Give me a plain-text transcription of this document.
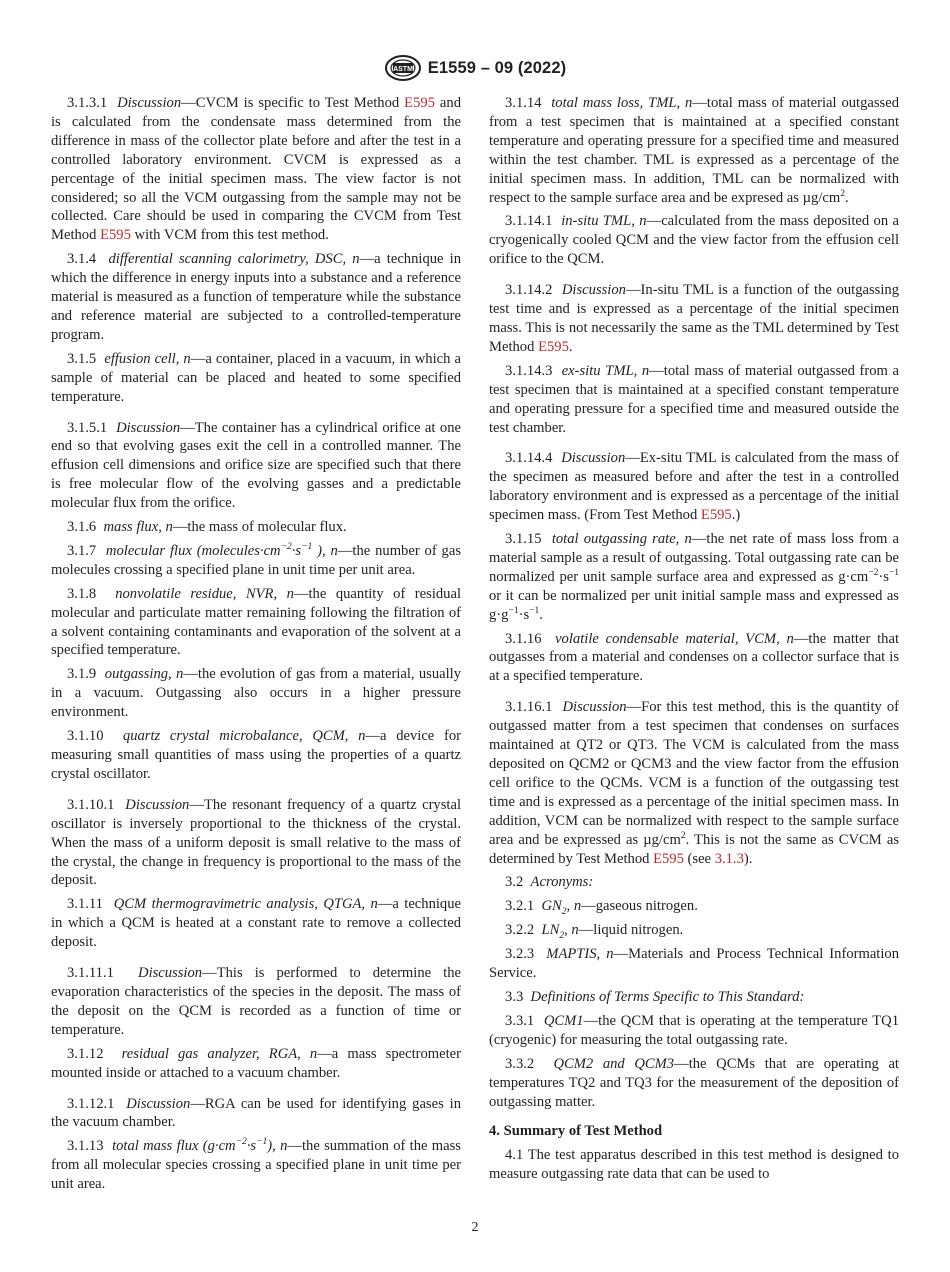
ASTM E1559 – 09 (2022)

3.1.3.1 Discussion—CVCM is specific to Test Method E595 and is calculated from the condensate mass determined from the difference in mass of the collector plate before and after the test in a controlled laboratory environment. CVCM is expressed as a percentage of the initial specimen mass. The view factor is not considered; so all the VCM outgassing from the sample may not be collected. Care should be used in comparing the CVCM from Test Method E595 with VCM from this test method.

3.1.4 differential scanning calorimetry, DSC, n—a technique in which the difference in energy inputs into a substance and a reference material is measured as a function of temperature while the substance and reference material are subjected to a controlled-temperature program.

3.1.5 effusion cell, n—a container, placed in a vacuum, in which a sample of material can be placed and heated to some specified temperature.

3.1.5.1 Discussion—The container has a cylindrical orifice at one end so that evolving gases exit the cell in a controlled manner. The effusion cell dimensions and orifice size are specified such that there is free molecular flow of the evolving gasses and a predictable molecular flux from the orifice.

3.1.6 mass flux, n—the mass of molecular flux.

3.1.7 molecular flux ($molecules\cdot cm^{-2}\cdot s^{-1}$ ), n—the number of gas molecules crossing a specified plane in unit time per unit area.

3.1.8 nonvolatile residue, NVR, n—the quantity of residual molecular and particulate matter remaining following the filtration of a solvent containing contaminants and evaporation of the solvent at a specified temperature.

3.1.9 outgassing, n—the evolution of gas from a material, usually in a vacuum. Outgassing also occurs in a higher pressure environment.

3.1.10 quartz crystal microbalance, QCM, n—a device for measuring small quantities of mass using the properties of a quartz crystal oscillator.

3.1.10.1 Discussion—The resonant frequency of a quartz crystal oscillator is inversely proportional to the thickness of the crystal. When the mass of a uniform deposit is small relative to the mass of the crystal, the change in frequency is proportional to the mass of the deposit.

3.1.11 QCM thermogravimetric analysis, QTGA, n—a technique in which a QCM is heated at a constant rate to remove a collected deposit.

3.1.11.1 Discussion—This is performed to determine the evaporation characteristics of the species in the deposit. The mass of the deposit on the QCM is recorded as a function of time or temperature.

3.1.12 residual gas analyzer, RGA, n—a mass spectrometer mounted inside or attached to a vacuum chamber.

3.1.12.1 Discussion—RGA can be used for identifying gases in the vacuum chamber.

3.1.13 total mass flux $(g\cdot cm^{-2}\cdot s^{-1})$, n—the summation of the mass from all molecular species crossing a specified plane in unit time per unit area.

3.1.14 total mass loss, TML, n—total mass of material outgassed from a test specimen that is maintained at a specified constant temperature and operating pressure for a specified time and measured within the test chamber. TML is expressed as a percentage of the initial specimen mass. In addition, TML can be normalized with respect to the sample surface area and be expresed as $\mu g/cm^2$.

3.1.14.1 in-situ TML, n—calculated from the mass deposited on a cryogenically cooled QCM and the view factor from the effusion cell orifice to the QCM.

3.1.14.2 Discussion—In-situ TML is a function of the outgassing test time and is expressed as a percentage of the initial specimen mass. This is not necessarily the same as the TML determined by Test Method E595.

3.1.14.3 ex-situ TML, n—total mass of material outgassed from a test specimen that is maintained at a specified constant temperature and operating pressure for a specified time and measured outside the test chamber.

3.1.14.4 Discussion—Ex-situ TML is calculated from the mass of the specimen as measured before and after the test in a controlled laboratory environment and is expressed as a percentage of the initial specimen mass. (From Test Method E595.)

3.1.15 total outgassing rate, n—the net rate of mass loss from a material sample as a result of outgassing. Total outgassing rate can be normalized per unit sample surface area and expressed as $g\cdot cm^{-2}\cdot s^{-1}$ or it can be normalized per unit initial sample mass and expressed as $g\cdot g^{-1}\cdot s^{-1}$.

3.1.16 volatile condensable material, VCM, n—the matter that outgasses from a material and condenses on a collector surface that is at a specified temperature.

3.1.16.1 Discussion—For this test method, this is the quantity of outgassed matter from a test specimen that condenses on surfaces maintained at QT2 or QT3. The VCM is calculated from the mass deposited on QCM2 or QCM3 and the view factor from the effusion cell orifice to the QCMs. VCM is a function of the outgassing test time and is expressed as a percentage of the initial specimen mass. In addition, VCM can be normalized with respect to the sample surface area and be expressed as $\mu g/cm^2$. This is not the same as CVCM as determined by Test Method E595 (see 3.1.3).

3.2 Acronyms:

3.2.1 $GN_2$, n—gaseous nitrogen.

3.2.2 $LN_2$, n—liquid nitrogen.

3.2.3 MAPTIS, n—Materials and Process Technical Information Service.

3.3 Definitions of Terms Specific to This Standard:

3.3.1 QCM1—the QCM that is operating at the temperature TQ1 (cryogenic) for measuring the total outgassing rate.

3.3.2 QCM2 and QCM3—the QCMs that are operating at temperatures TQ2 and TQ3 for the measurement of the deposition of outgassing matter.

4. Summary of Test Method

4.1 The test apparatus described in this test method is designed to measure outgassing rate data that can be used to

2
